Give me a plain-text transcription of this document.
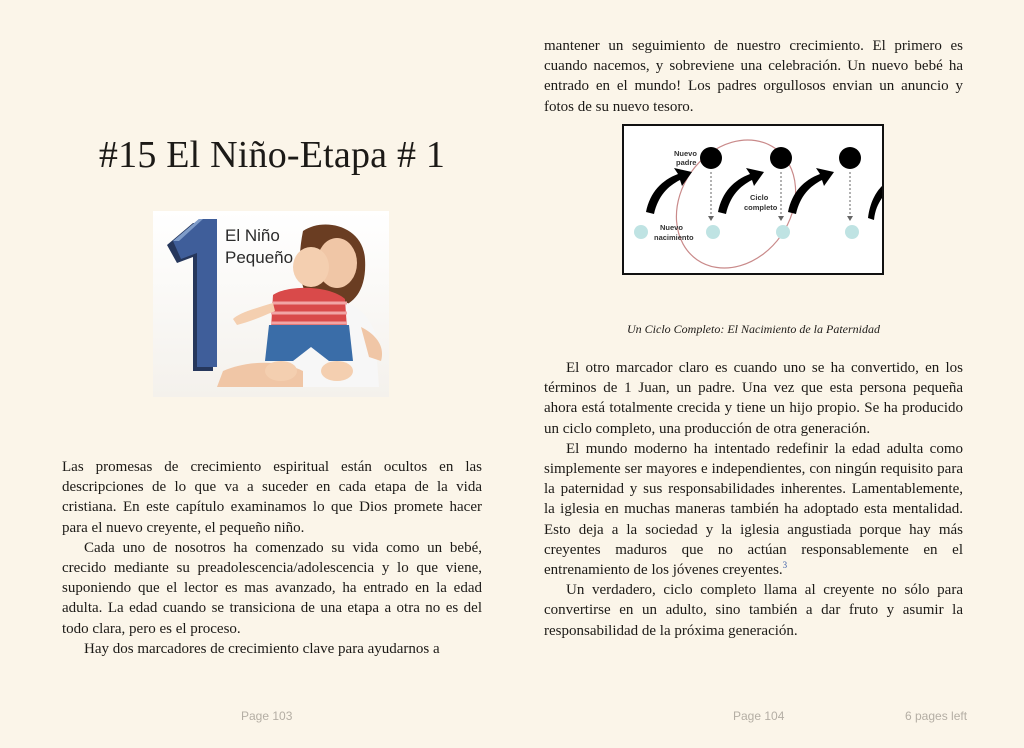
#15 El Niño-Etapa # 1
El Niño
Pequeño

Las promesas de crecimiento espiritual están ocultos en las descripciones de lo que va a suceder en cada etapa de la vida cristiana. En este capítulo examinamos lo que Dios promete hacer para el nuevo creyente, el pequeño niño.

Cada uno de nosotros ha comenzado su vida como un bebé, crecido mediante su preadolescencia/adolescencia y lo que viene, suponiendo que el lector es mas avanzado, ha entrado en la edad adulta. La edad cuando se transiciona de una etapa a otra no es del todo clara, pero es el proceso.

Hay dos marcadores de crecimiento clave para ayudarnos a

Page 103

mantener un seguimiento de nuestro crecimiento. El primero es cuando nacemos, y sobreviene una celebración. Un nuevo bebé ha entrado en el mundo! Los padres orgullosos envian un anuncio y fotos de su nuevo tesoro.

Nuevo
padre
Nuevo
nacimiento
Ciclo
completo
Un Ciclo Completo: El Nacimiento de la Paternidad

El otro marcador claro es cuando uno se ha convertido, en los términos de 1 Juan, un padre. Una vez que esta persona pequeña ahora está totalmente crecida y tiene un hijo propio. Se ha producido un ciclo completo, una producción de otra generación.

El mundo moderno ha intentado redefinir la edad adulta como simplemente ser mayores e independientes, con ningún requisito para la paternidad y sus responsabilidades inherentes. Lamentablemente, la iglesia en muchas maneras también ha adoptado esta mentalidad. Esto deja a la sociedad y la iglesia angustiada porque hay más creyentes maduros que no actúan responsablemente en el entrenamiento de los jóvenes creyentes.$^3$

Un verdadero, ciclo completo llama al creyente no sólo para convertirse en un adulto, sino también a dar fruto y asumir la responsabilidad de la próxima generación.

Page 104	6 pages left
